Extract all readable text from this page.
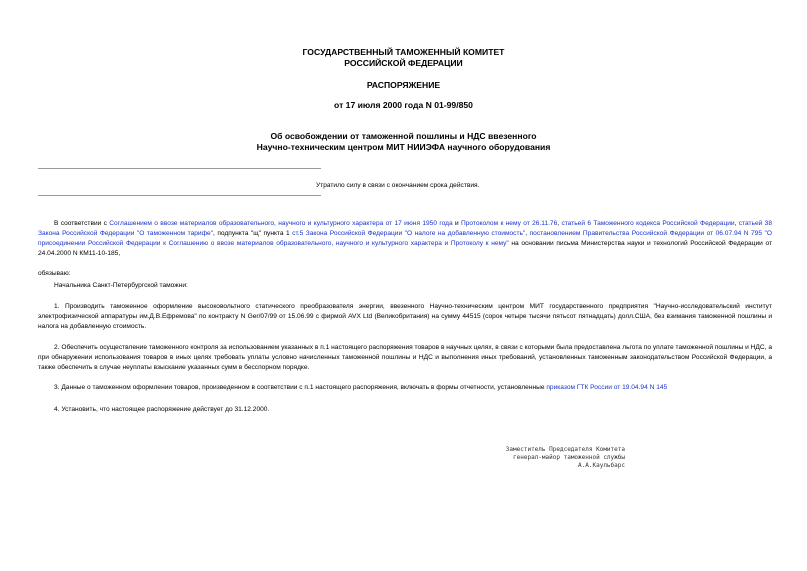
ГОСУДАРСТВЕННЫЙ ТАМОЖЕННЫЙ КОМИТЕТ
РОССИЙСКОЙ ФЕДЕРАЦИИ
РАСПОРЯЖЕНИЕ
от 17 июля 2000 года N 01-99/850
Об освобождении от таможенной пошлины и НДС ввезенного
Научно-техническим центром МИТ НИИЭФА научного оборудования
Утратило силу в связи с окончанием срока действия.
В соответствии с Соглашением о ввозе материалов образовательного, научного и культурного характера от 17 июня 1950 года и Протоколом к нему от 26.11.76, статьей 6 Таможенного кодекса Российской Федерации, статьей 38 Закона Российской Федерации "О таможенном тарифе", подпункта "щ" пункта 1 ст.5 Закона Российской Федерации "О налоге на добавленную стоимость", постановлением Правительства Российской Федерации от 06.07.94 N 795 "О присоединении Российской Федерации к Соглашению о ввозе материалов образовательного, научного и культурного характера и Протоколу к нему" на основании письма Министерства науки и технологий Российской Федерации от 24.04.2000 N КМ11-10-185,
обязываю:
Начальника Санкт-Петербургской таможни:
1. Производить таможенное оформление высоковольтного статического преобразователя энергии, ввезенного Научно-техническим центром МИТ государственного предприятия "Научно-исследовательский институт электрофизической аппаратуры им.Д.В.Ефремова" по контракту N Ger/07/99 от 15.06.99 с фирмой AVX Ltd (Великобритания) на сумму 44515 (сорок четыре тысячи пятьсот пятнадцать) долл.США, без взимания таможенной пошлины и налога на добавленную стоимость.
2. Обеспечить осуществление таможенного контроля за использованием указанных в п.1 настоящего распоряжения товаров в научных целях, в связи с которыми была предоставлена льгота по уплате таможенной пошлины и НДС, а при обнаружении использования товаров в иных целях требовать уплаты условно начисленных таможенной пошлины и НДС и выполнения иных требований, установленных таможенным законодательством Российской Федерации, а также обеспечить в случае неуплаты взыскание указанных сумм в бесспорном порядке.
3. Данные о таможенном оформлении товаров, произведенном в соответствии с п.1 настоящего распоряжения, включать в формы отчетности, установленные приказом ГТК России от 19.04.94 N 145
4. Установить, что настоящее распоряжение действует до 31.12.2000.
Заместитель Председателя Комитета
генерал-майор таможенной службы
А.А.Каульбарс
